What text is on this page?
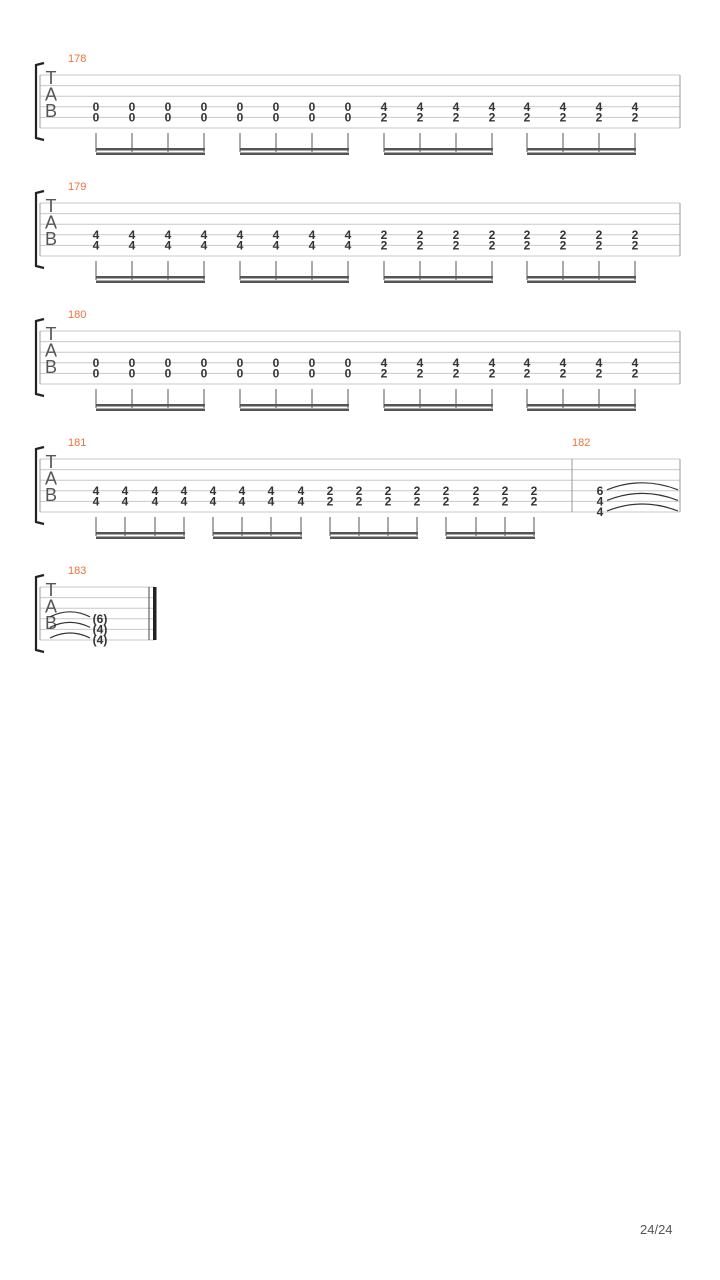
T
A
B
178
0
0
0
0
0
0
0
0
0
0
0
0
0
0
0
0
4
2
4
2
4
2
4
2
4
2
4
2
4
2
4
2
T
A
B
179
4
4
4
4
4
4
4
4
4
4
4
4
4
4
4
4
2
2
2
2
2
2
2
2
2
2
2
2
2
2
2
2
T
A
B
180
0
0
0
0
0
0
0
0
0
0
0
0
0
0
0
0
4
2
4
2
4
2
4
2
4
2
4
2
4
2
4
2
T
A
B
181
4
4
4
4
4
4
4
4
4
4
4
4
4
4
4
4
2
2
2
2
2
2
2
2
2
2
2
2
2
2
2
2
182
6
4
4
T
A
B
183
(6)
(4)
(4)
24/24
